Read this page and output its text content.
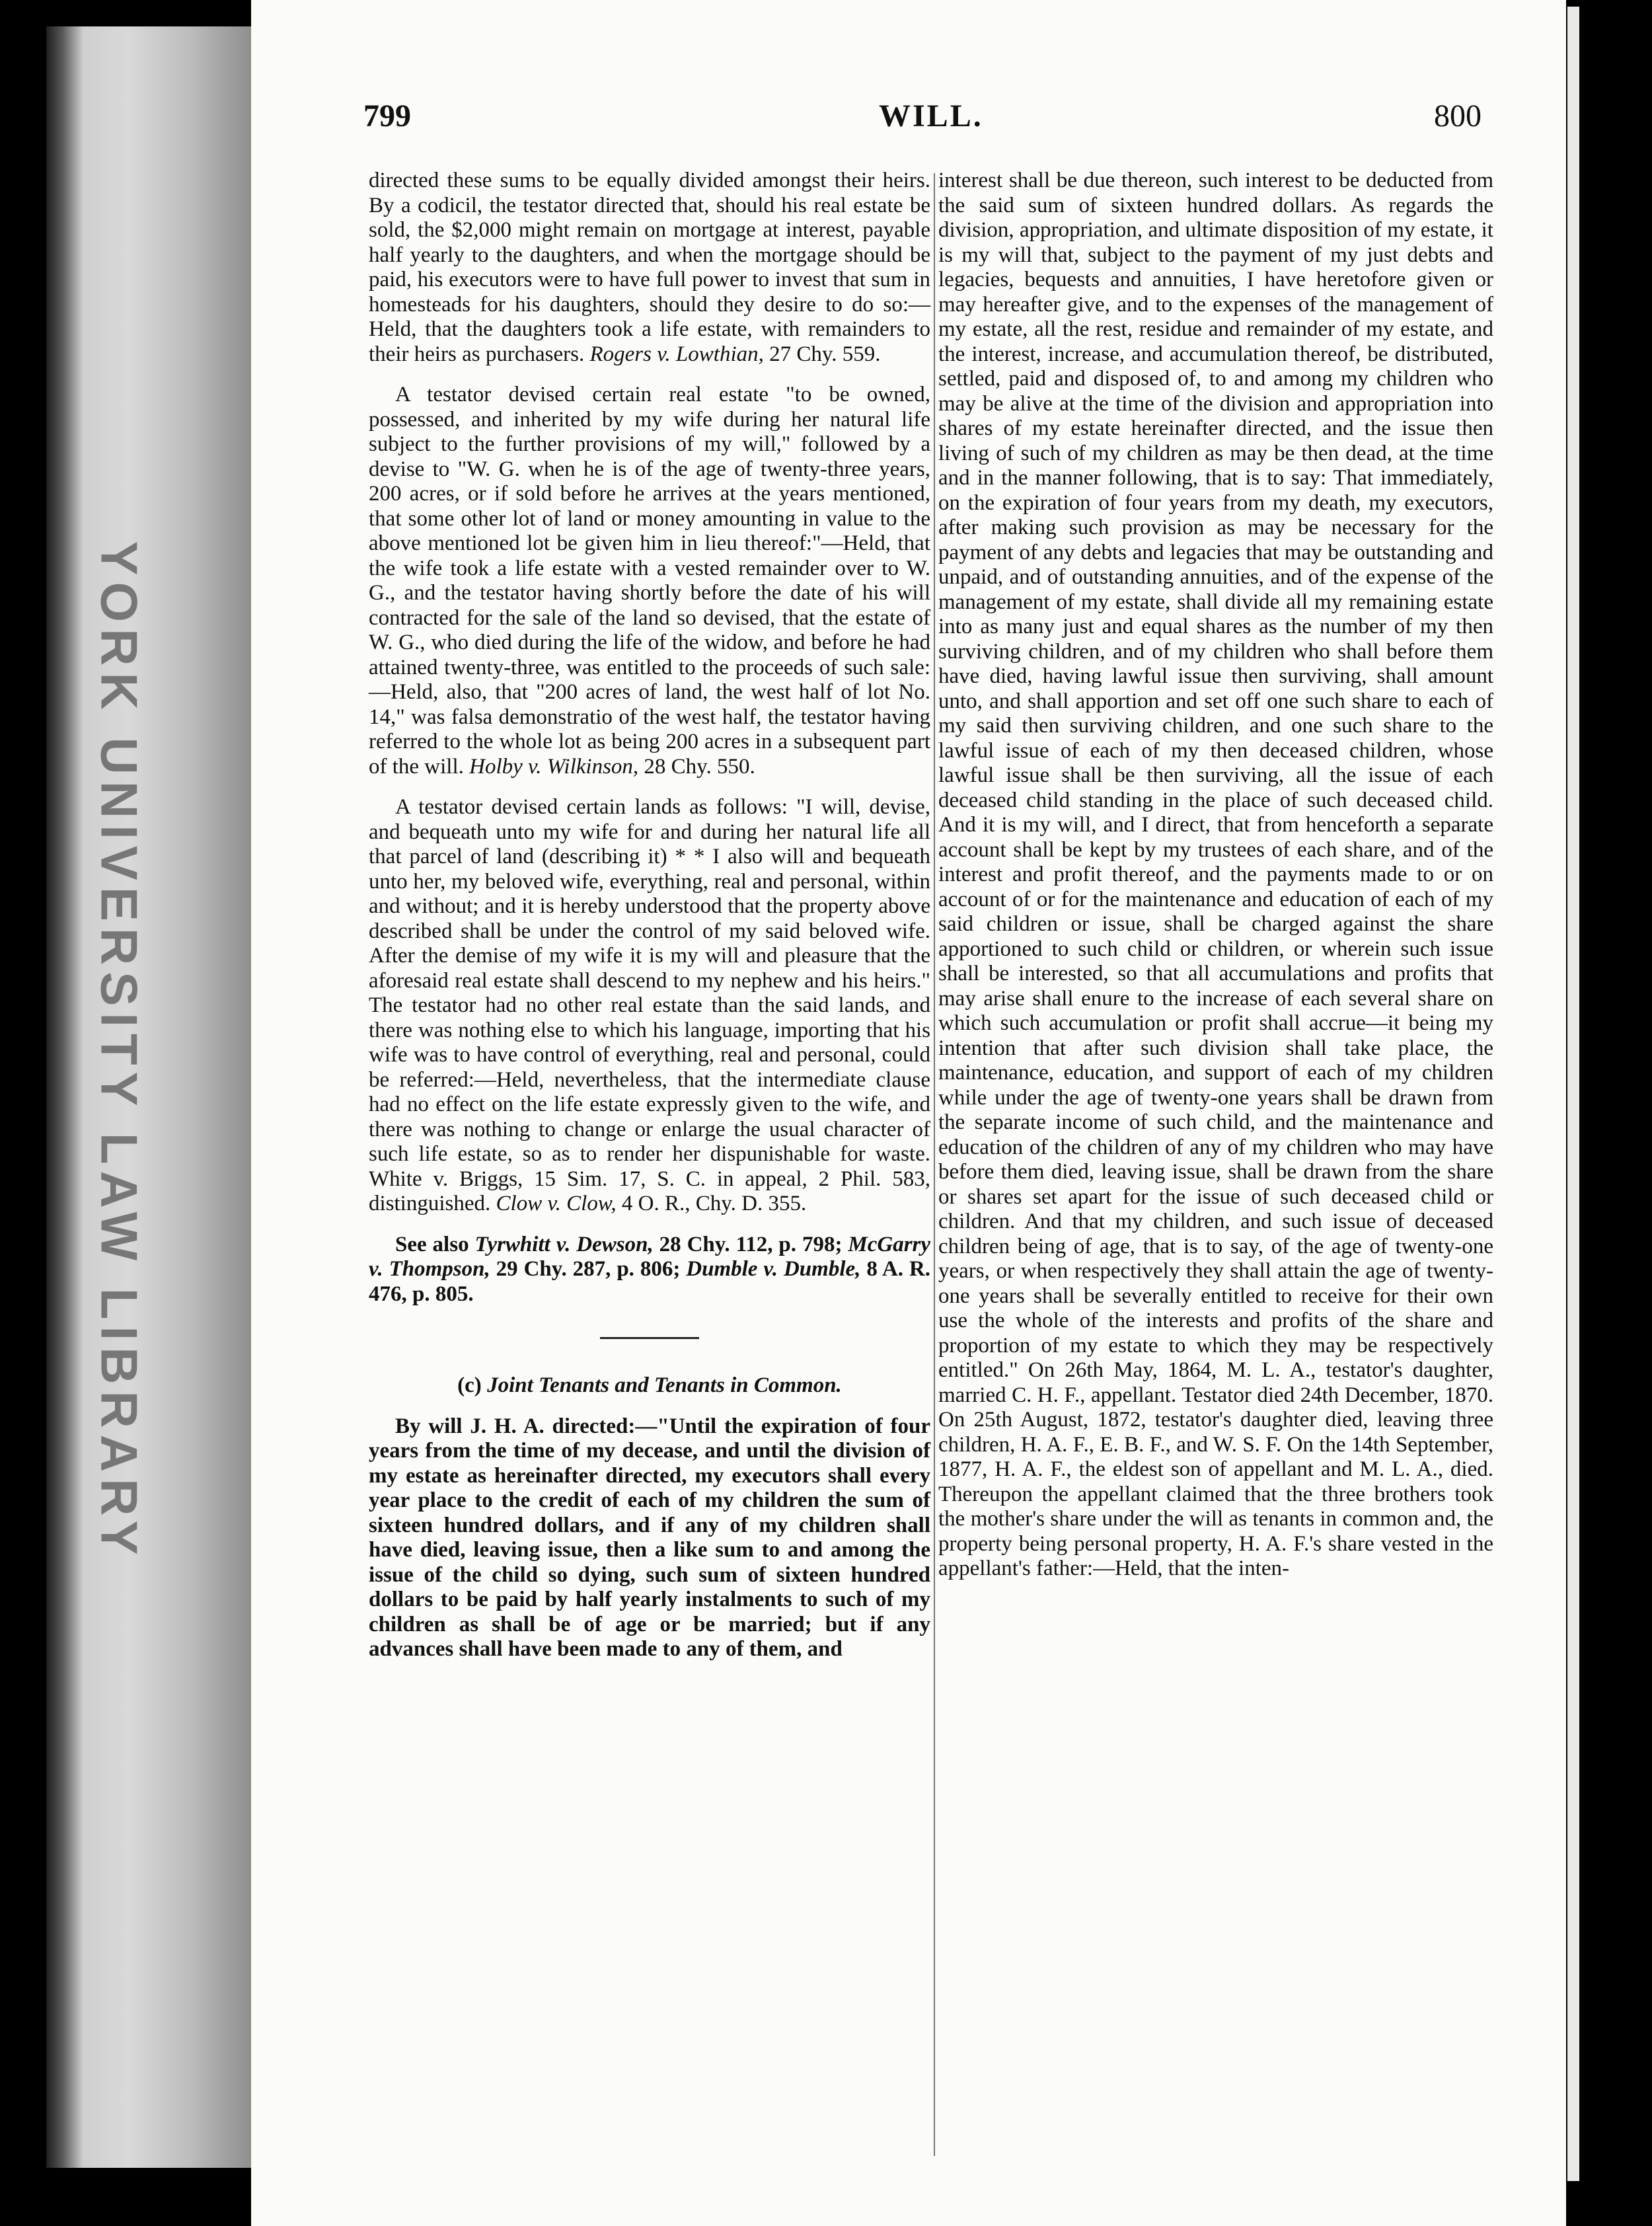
YORK UNIVERSITY LAW LIBRARY
799	WILL.	800

directed these sums to be equally divided amongst their heirs. By a codicil, the testator directed that, should his real estate be sold, the $2,000 might remain on mortgage at interest, payable half yearly to the daughters, and when the mortgage should be paid, his executors were to have full power to invest that sum in homesteads for his daughters, should they desire to do so:—Held, that the daughters took a life estate, with remainders to their heirs as purchasers. Rogers v. Lowthian, 27 Chy. 559.

A testator devised certain real estate "to be owned, possessed, and inherited by my wife during her natural life subject to the further provisions of my will," followed by a devise to "W. G. when he is of the age of twenty-three years, 200 acres, or if sold before he arrives at the years mentioned, that some other lot of land or money amounting in value to the above mentioned lot be given him in lieu thereof:"—Held, that the wife took a life estate with a vested remainder over to W. G., and the testator having shortly before the date of his will contracted for the sale of the land so devised, that the estate of W. G., who died during the life of the widow, and before he had attained twenty-three, was entitled to the proceeds of such sale:—Held, also, that "200 acres of land, the west half of lot No. 14," was falsa demonstratio of the west half, the testator having referred to the whole lot as being 200 acres in a subsequent part of the will. Holby v. Wilkinson, 28 Chy. 550.

A testator devised certain lands as follows: "I will, devise, and bequeath unto my wife for and during her natural life all that parcel of land (describing it) * * I also will and bequeath unto her, my beloved wife, everything, real and personal, within and without; and it is hereby understood that the property above described shall be under the control of my said beloved wife. After the demise of my wife it is my will and pleasure that the aforesaid real estate shall descend to my nephew and his heirs." The testator had no other real estate than the said lands, and there was nothing else to which his language, importing that his wife was to have control of everything, real and personal, could be referred:—Held, nevertheless, that the intermediate clause had no effect on the life estate expressly given to the wife, and there was nothing to change or enlarge the usual character of such life estate, so as to render her dispunishable for waste. White v. Briggs, 15 Sim. 17, S. C. in appeal, 2 Phil. 583, distinguished. Clow v. Clow, 4 O. R., Chy. D. 355.

See also Tyrwhitt v. Dewson, 28 Chy. 112, p. 798; McGarry v. Thompson, 29 Chy. 287, p. 806; Dumble v. Dumble, 8 A. R. 476, p. 805.

(c) Joint Tenants and Tenants in Common.

By will J. H. A. directed:—"Until the expiration of four years from the time of my decease, and until the division of my estate as hereinafter directed, my executors shall every year place to the credit of each of my children the sum of sixteen hundred dollars, and if any of my children shall have died, leaving issue, then a like sum to and among the issue of the child so dying, such sum of sixteen hundred dollars to be paid by half yearly instalments to such of my children as shall be of age or be married; but if any advances shall have been made to any of them, and

interest shall be due thereon, such interest to be deducted from the said sum of sixteen hundred dollars. As regards the division, appropriation, and ultimate disposition of my estate, it is my will that, subject to the payment of my just debts and legacies, bequests and annuities, I have heretofore given or may hereafter give, and to the expenses of the management of my estate, all the rest, residue and remainder of my estate, and the interest, increase, and accumulation thereof, be distributed, settled, paid and disposed of, to and among my children who may be alive at the time of the division and appropriation into shares of my estate hereinafter directed, and the issue then living of such of my children as may be then dead, at the time and in the manner following, that is to say: That immediately, on the expiration of four years from my death, my executors, after making such provision as may be necessary for the payment of any debts and legacies that may be outstanding and unpaid, and of outstanding annuities, and of the expense of the management of my estate, shall divide all my remaining estate into as many just and equal shares as the number of my then surviving children, and of my children who shall before them have died, having lawful issue then surviving, shall amount unto, and shall apportion and set off one such share to each of my said then surviving children, and one such share to the lawful issue of each of my then deceased children, whose lawful issue shall be then surviving, all the issue of each deceased child standing in the place of such deceased child. And it is my will, and I direct, that from henceforth a separate account shall be kept by my trustees of each share, and of the interest and profit thereof, and the payments made to or on account of or for the maintenance and education of each of my said children or issue, shall be charged against the share apportioned to such child or children, or wherein such issue shall be interested, so that all accumulations and profits that may arise shall enure to the increase of each several share on which such accumulation or profit shall accrue—it being my intention that after such division shall take place, the maintenance, education, and support of each of my children while under the age of twenty-one years shall be drawn from the separate income of such child, and the maintenance and education of the children of any of my children who may have before them died, leaving issue, shall be drawn from the share or shares set apart for the issue of such deceased child or children. And that my children, and such issue of deceased children being of age, that is to say, of the age of twenty-one years, or when respectively they shall attain the age of twenty-one years shall be severally entitled to receive for their own use the whole of the interests and profits of the share and proportion of my estate to which they may be respectively entitled." On 26th May, 1864, M. L. A., testator's daughter, married C. H. F., appellant. Testator died 24th December, 1870. On 25th August, 1872, testator's daughter died, leaving three children, H. A. F., E. B. F., and W. S. F. On the 14th September, 1877, H. A. F., the eldest son of appellant and M. L. A., died. Thereupon the appellant claimed that the three brothers took the mother's share under the will as tenants in common and, the property being personal property, H. A. F.'s share vested in the appellant's father:—Held, that the inten-
